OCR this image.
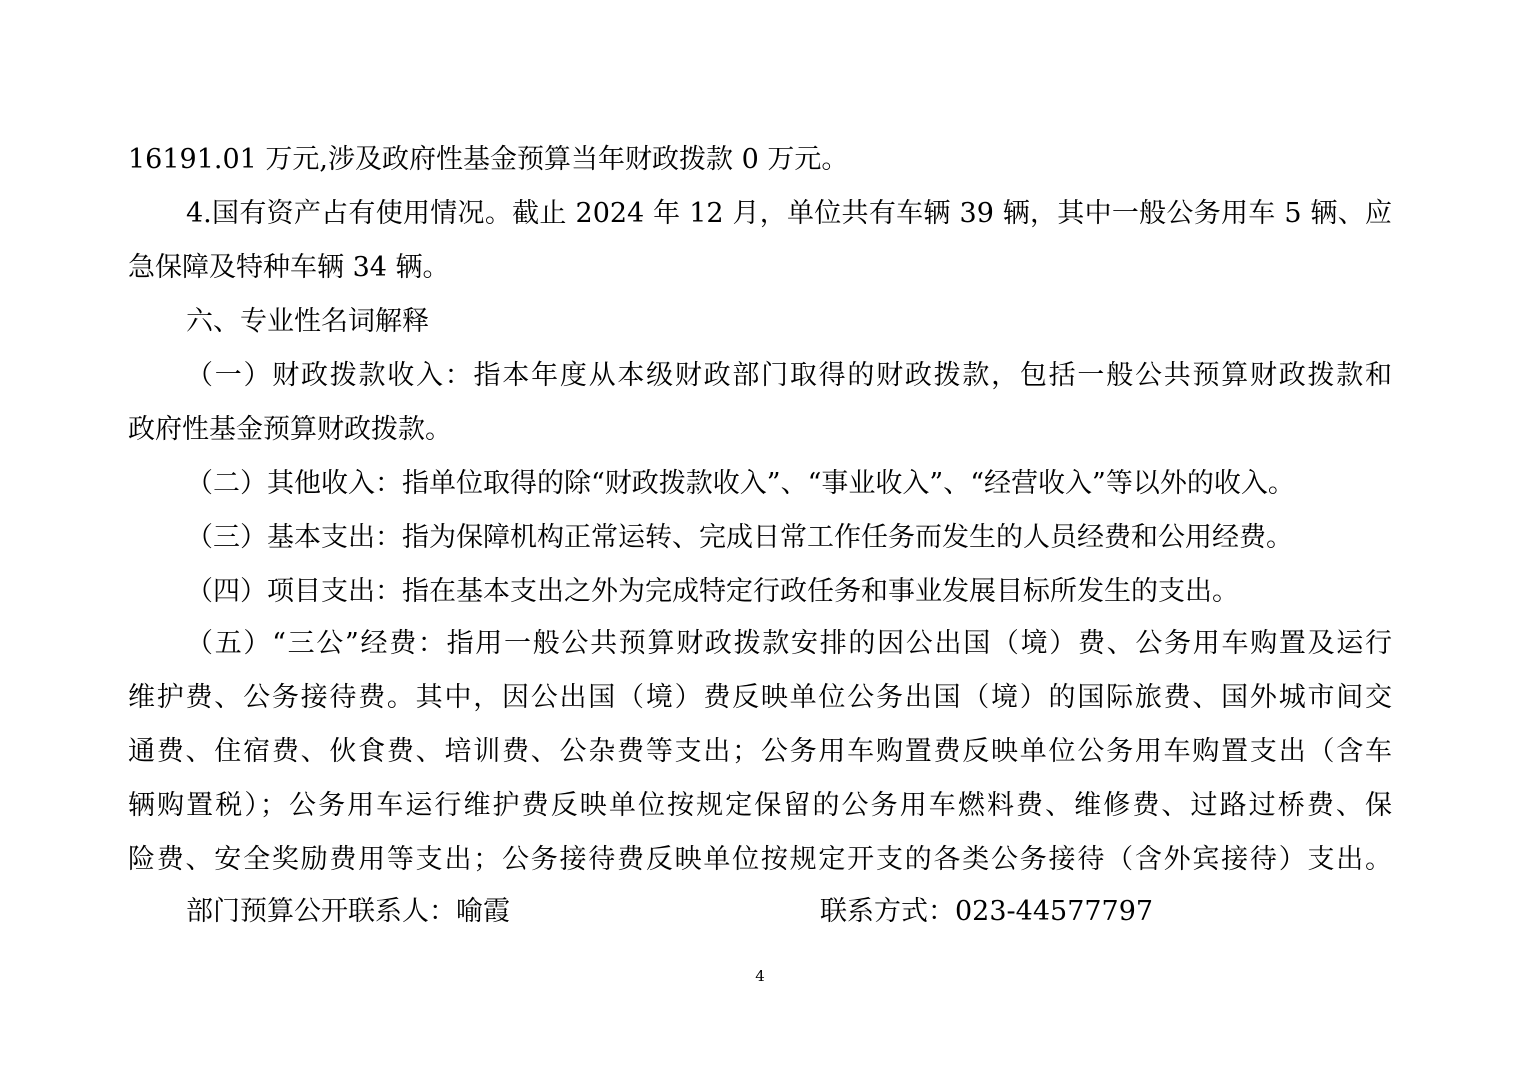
16191.01 万元,涉及政府性基金预算当年财政拨款 0 万元。
4.国有资产占有使用情况。截止 2024 年 12 月，单位共有车辆 39 辆，其中一般公务用车 5 辆、应
急保障及特种车辆 34 辆。
六、专业性名词解释
（一）财政拨款收入：指本年度从本级财政部门取得的财政拨款，包括一般公共预算财政拨款和
政府性基金预算财政拨款。
（二）其他收入：指单位取得的除“财政拨款收入”、“事业收入”、“经营收入”等以外的收入。
（三）基本支出：指为保障机构正常运转、完成日常工作任务而发生的人员经费和公用经费。
（四）项目支出：指在基本支出之外为完成特定行政任务和事业发展目标所发生的支出。
（五）“三公”经费：指用一般公共预算财政拨款安排的因公出国（境）费、公务用车购置及运行
维护费、公务接待费。其中，因公出国（境）费反映单位公务出国（境）的国际旅费、国外城市间交
通费、住宿费、伙食费、培训费、公杂费等支出；公务用车购置费反映单位公务用车购置支出（含车
辆购置税）；公务用车运行维护费反映单位按规定保留的公务用车燃料费、维修费、过路过桥费、保
险费、安全奖励费用等支出；公务接待费反映单位按规定开支的各类公务接待（含外宾接待）支出。
部门预算公开联系人：喻霞	联系方式：023-44577797
4
